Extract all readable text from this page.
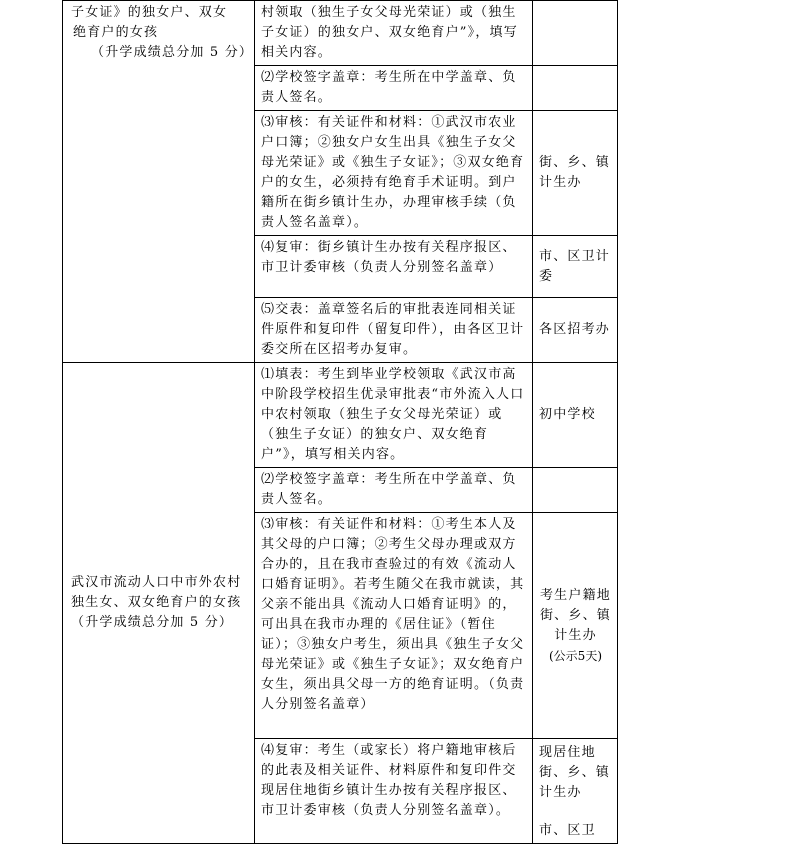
子女证》的独女户、双女
绝育户的女孩
（升学成绩总分加 5 分）	村领取（独生子女父母光荣证）或（独生子女证）的独女户、双女绝育户”》，填写相关内容。	
	⑵学校签字盖章：考生所在中学盖章、负责人签名。	
	⑶审核：有关证件和材料：①武汉市农业户口簿；②独女户女生出具《独生子女父母光荣证》或《独生子女证》；③双女绝育户的女生，必须持有绝育手术证明。到户籍所在街乡镇计生办，办理审核手续（负责人签名盖章）。	街、乡、镇计生办
	⑷复审：街乡镇计生办按有关程序报区、市卫计委审核（负责人分别签名盖章）	市、区卫计委
	⑸交表：盖章签名后的审批表连同相关证件原件和复印件（留复印件），由各区卫计委交所在区招考办复审。	各区招考办

武汉市流动人口中市外农村独生女、双女绝育户的女孩
（升学成绩总分加 5 分）	⑴填表：考生到毕业学校领取《武汉市高中阶段学校招生优录审批表“市外流入人口中农村领取（独生子女父母光荣证）或（独生子女证）的独女户、双女绝育户”》，填写相关内容。	初中学校
	⑵学校签字盖章：考生所在中学盖章、负责人签名。	
	⑶审核：有关证件和材料：①考生本人及其父母的户口簿；②考生父母办理或双方合办的，且在我市查验过的有效《流动人口婚育证明》。若考生随父在我市就读，其父亲不能出具《流动人口婚育证明》的，可出具在我市办理的《居住证》（暂住证）；③独女户考生，须出具《独生子女父母光荣证》或《独生子女证》；双女绝育户女生，须出具父母一方的绝育证明。（负责人分别签名盖章）	考生户籍地街、乡、镇计生办
(公示5天)

	⑷复审：考生（或家长）将户籍地审核后的此表及相关证件、材料原件和复印件交现居住地街乡镇计生办按有关程序报区、市卫计委审核（负责人分别签名盖章）。	现居住地街、乡、镇计生办
市、区卫
